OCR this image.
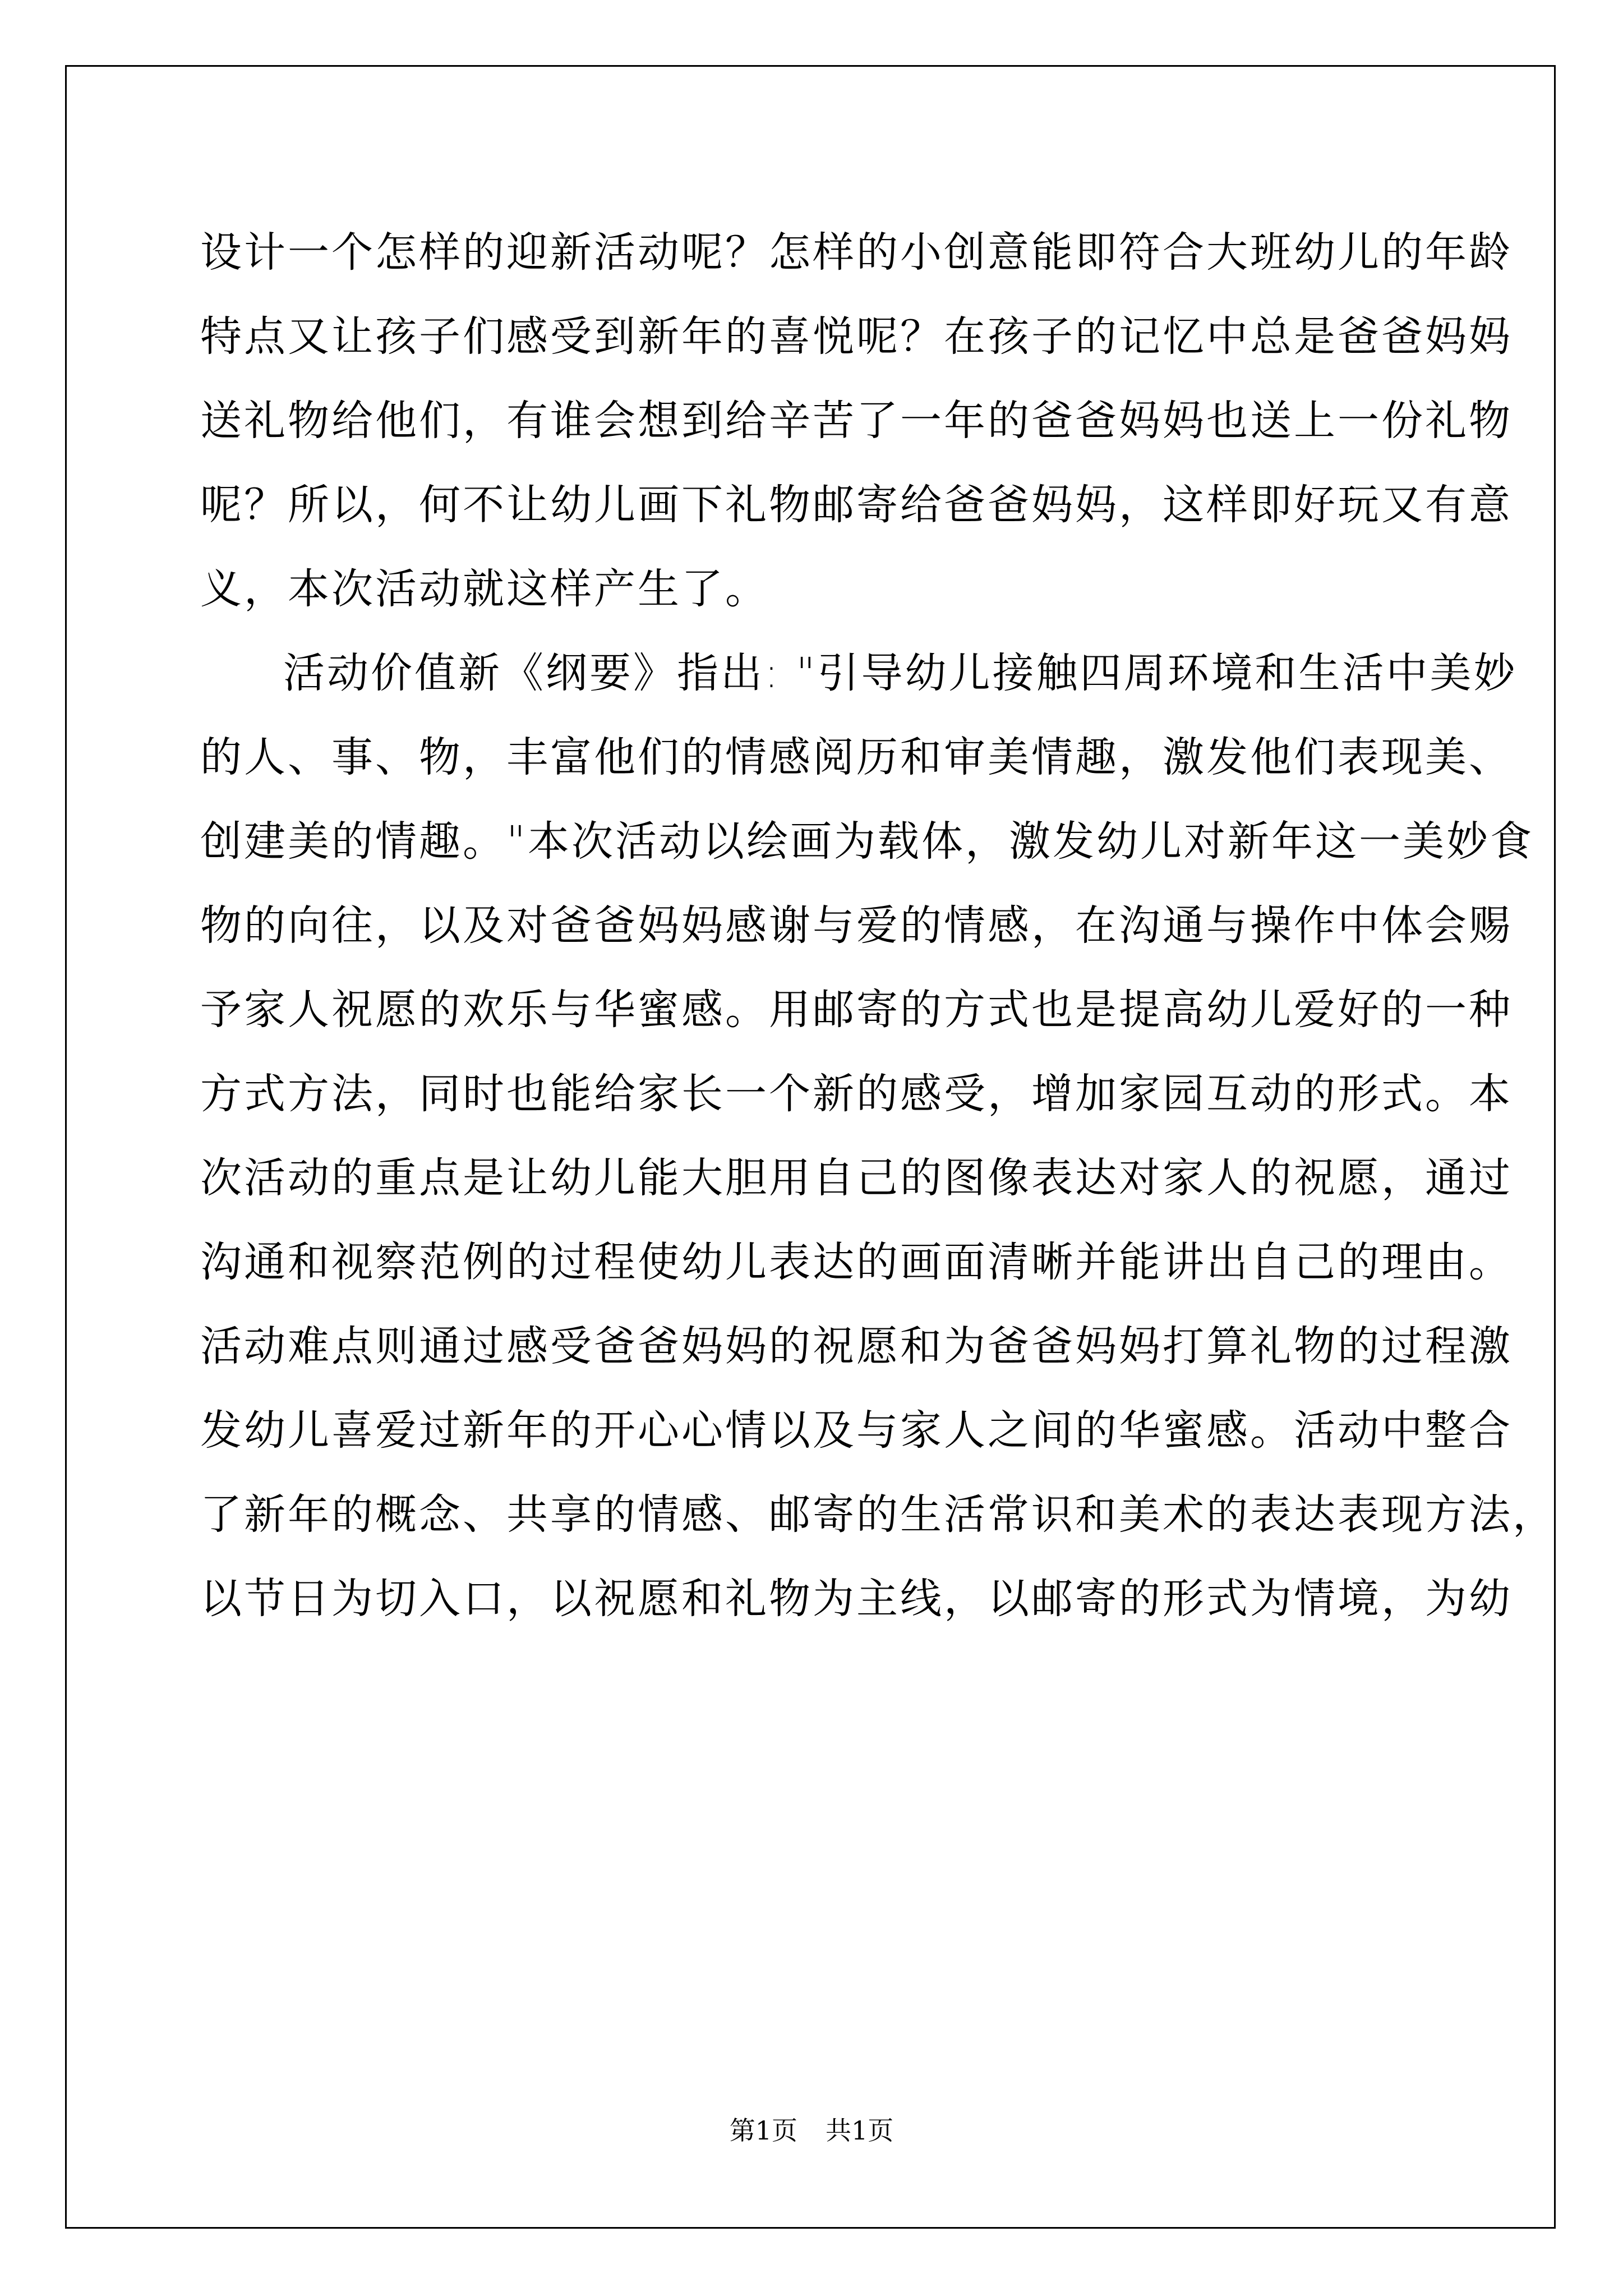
设计一个怎样的迎新活动呢？怎样的小创意能即符合大班幼儿的年龄
特点又让孩子们感受到新年的喜悦呢？在孩子的记忆中总是爸爸妈妈
送礼物给他们，有谁会想到给辛苦了一年的爸爸妈妈也送上一份礼物
呢？所以，何不让幼儿画下礼物邮寄给爸爸妈妈，这样即好玩又有意
义，本次活动就这样产生了。
活动价值新《纲要》指出: "引导幼儿接触四周环境和生活中美妙
的人、事、物，丰富他们的情感阅历和审美情趣，激发他们表现美、
创建美的情趣。"本次活动以绘画为载体，激发幼儿对新年这一美妙食
物的向往，以及对爸爸妈妈感谢与爱的情感，在沟通与操作中体会赐
予家人祝愿的欢乐与华蜜感。用邮寄的方式也是提高幼儿爱好的一种
方式方法，同时也能给家长一个新的感受，增加家园互动的形式。本
次活动的重点是让幼儿能大胆用自己的图像表达对家人的祝愿，通过
沟通和视察范例的过程使幼儿表达的画面清晰并能讲出自己的理由。
活动难点则通过感受爸爸妈妈的祝愿和为爸爸妈妈打算礼物的过程激
发幼儿喜爱过新年的开心心情以及与家人之间的华蜜感。活动中整合
了新年的概念、共享的情感、邮寄的生活常识和美术的表达表现方法，
以节日为切入口，以祝愿和礼物为主线，以邮寄的形式为情境，为幼
第1页 共1页
